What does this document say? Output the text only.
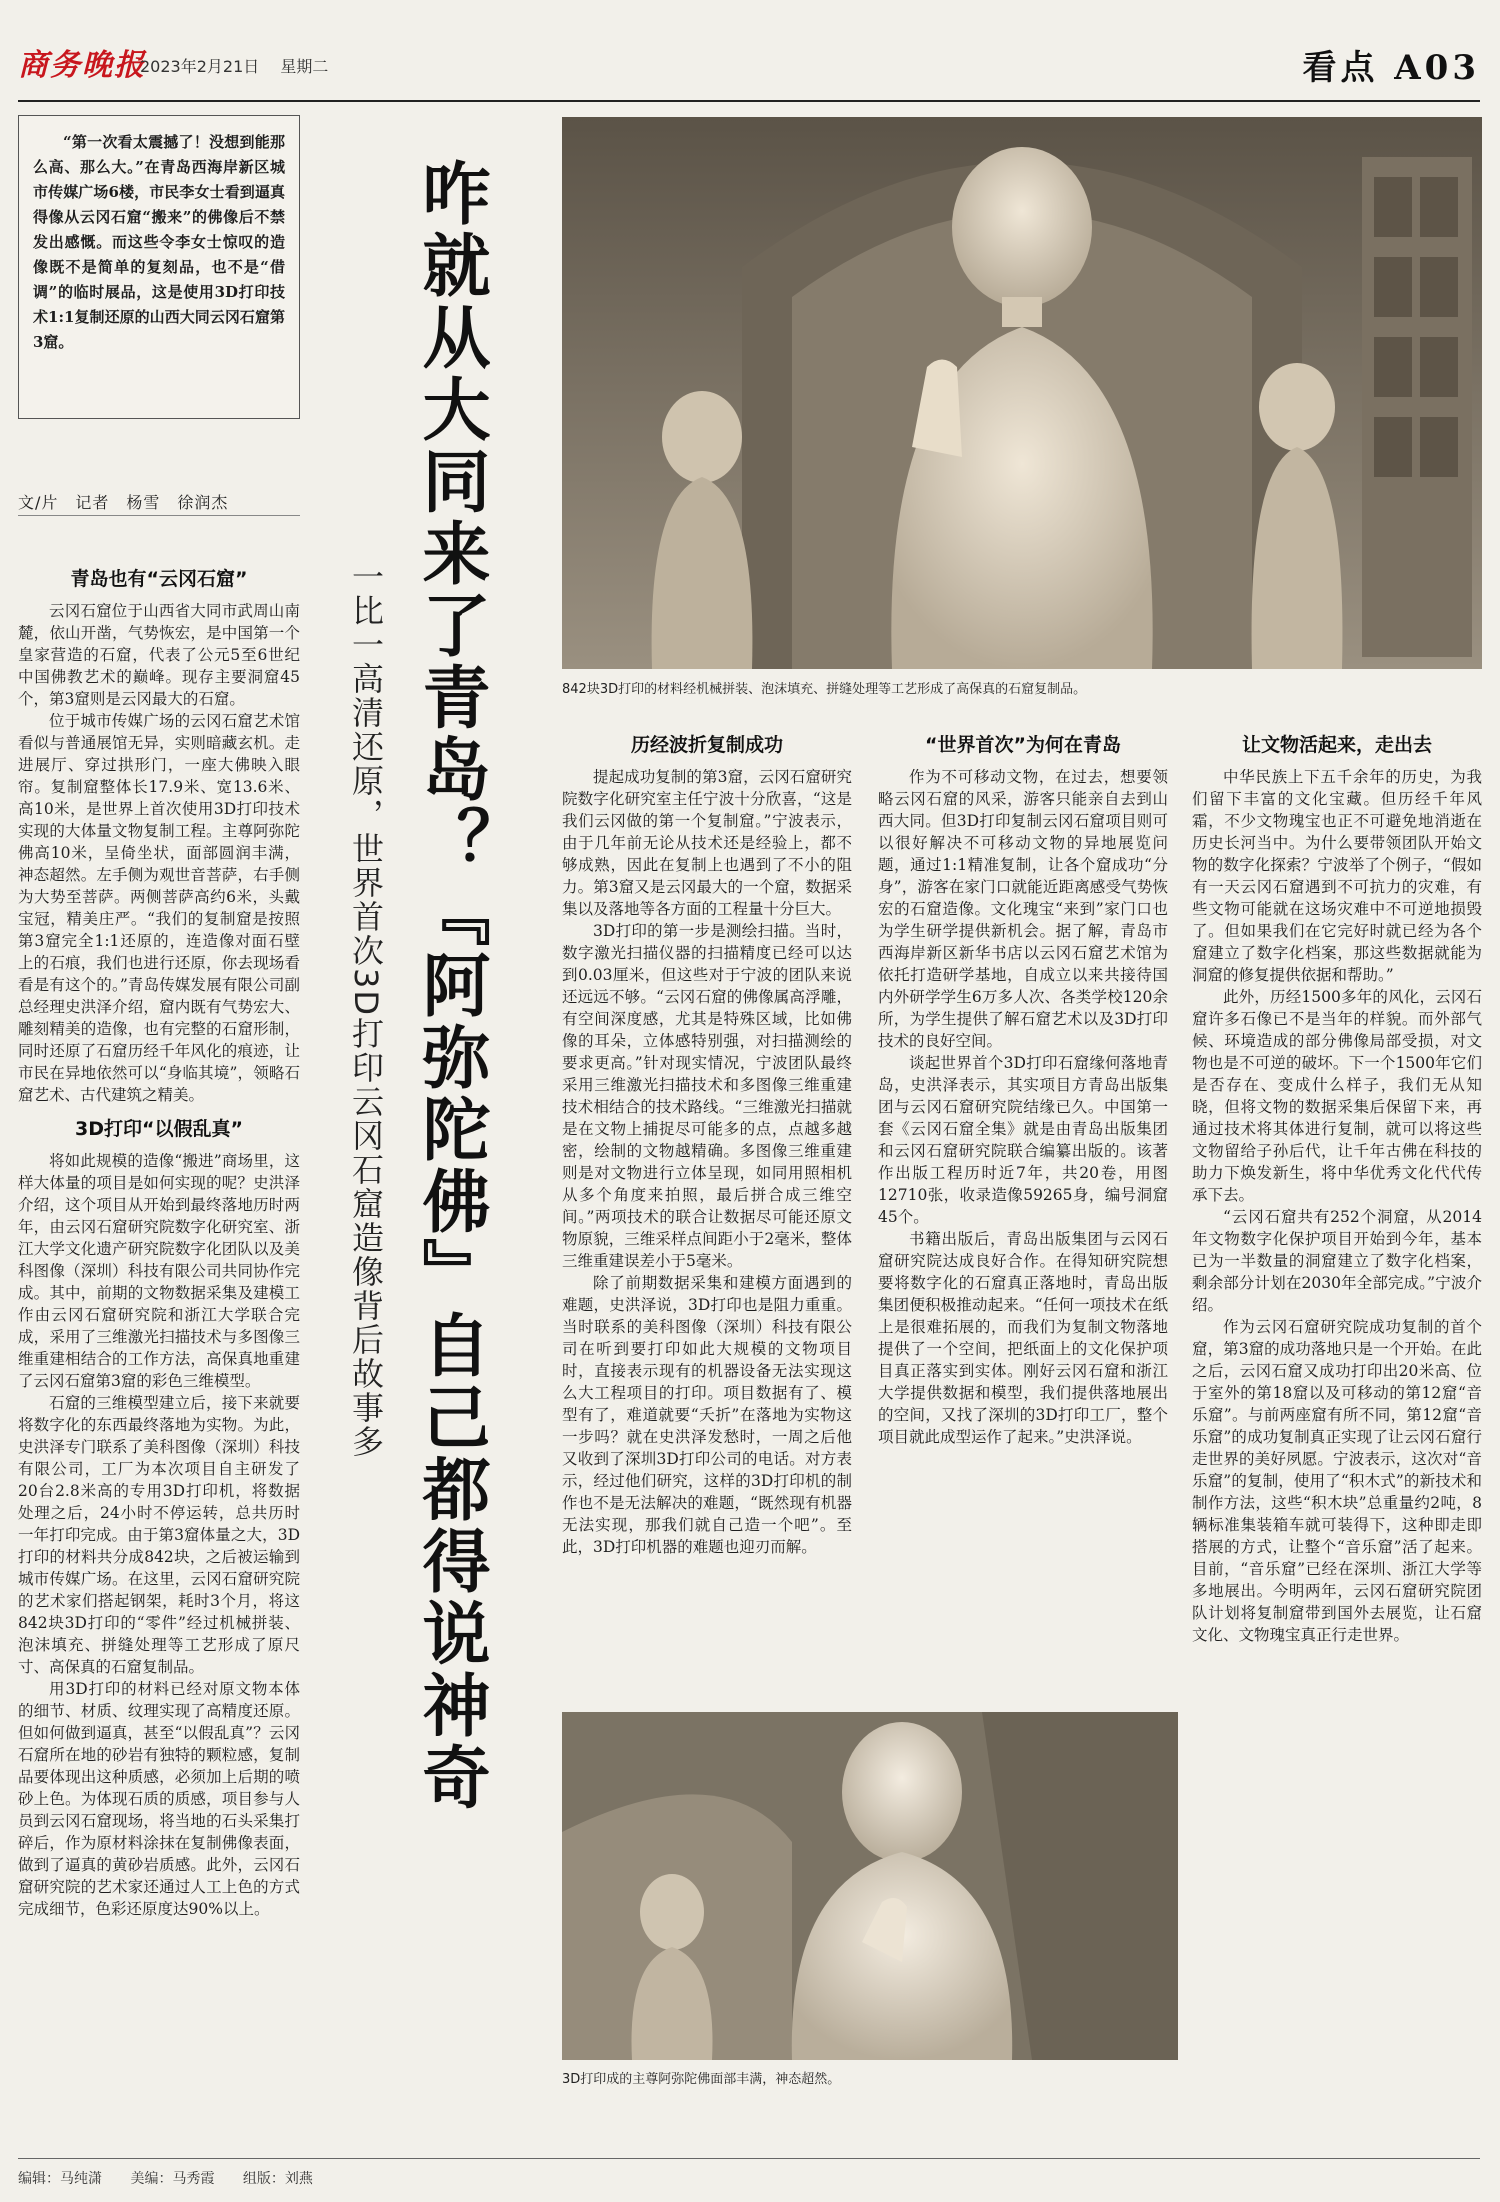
商务晚报
2023年2月21日　 星期二	看点 A03

“第一次看太震撼了！没想到能那么高、那么大。”在青岛西海岸新区城市传媒广场6楼，市民李女士看到逼真得像从云冈石窟“搬来”的佛像后不禁发出感慨。而这些令李女士惊叹的造像既不是简单的复刻品，也不是“借调”的临时展品，这是使用3D打印技术1:1复制还原的山西大同云冈石窟第3窟。

文/片　记者　杨雪　徐润杰	咋就从大同来了青岛？『阿弥陀佛』自己都得说神奇
一比一高清还原，世界首次3D打印云冈石窟造像背后故事多	842块3D打印的材料经机械拼装、泡沫填充、拼缝处理等工艺形成了高保真的石窟复制品。
青岛也有“云冈石窟”

云冈石窟位于山西省大同市武周山南麓，依山开凿，气势恢宏，是中国第一个皇家营造的石窟，代表了公元5至6世纪中国佛教艺术的巅峰。现存主要洞窟45个，第3窟则是云冈最大的石窟。

位于城市传媒广场的云冈石窟艺术馆看似与普通展馆无异，实则暗藏玄机。走进展厅、穿过拱形门，一座大佛映入眼帘。复制窟整体长17.9米、宽13.6米、高10米，是世界上首次使用3D打印技术实现的大体量文物复制工程。主尊阿弥陀佛高10米，呈倚坐状，面部圆润丰满，神态超然。左手侧为观世音菩萨，右手侧为大势至菩萨。两侧菩萨高约6米，头戴宝冠，精美庄严。“我们的复制窟是按照第3窟完全1:1还原的，连造像对面石壁上的石痕，我们也进行还原，你去现场看看是有这个的。”青岛传媒发展有限公司副总经理史洪泽介绍，窟内既有气势宏大、雕刻精美的造像，也有完整的石窟形制，同时还原了石窟历经千年风化的痕迹，让市民在异地依然可以“身临其境”，领略石窟艺术、古代建筑之精美。

3D打印“以假乱真”

将如此规模的造像“搬进”商场里，这样大体量的项目是如何实现的呢？史洪泽介绍，这个项目从开始到最终落地历时两年，由云冈石窟研究院数字化研究室、浙江大学文化遗产研究院数字化团队以及美科图像（深圳）科技有限公司共同协作完成。其中，前期的文物数据采集及建模工作由云冈石窟研究院和浙江大学联合完成，采用了三维激光扫描技术与多图像三维重建相结合的工作方法，高保真地重建了云冈石窟第3窟的彩色三维模型。

石窟的三维模型建立后，接下来就要将数字化的东西最终落地为实物。为此，史洪泽专门联系了美科图像（深圳）科技有限公司，工厂为本次项目自主研发了20台2.8米高的专用3D打印机，将数据处理之后，24小时不停运转，总共历时一年打印完成。由于第3窟体量之大，3D打印的材料共分成842块，之后被运输到城市传媒广场。在这里，云冈石窟研究院的艺术家们搭起钢架，耗时3个月，将这842块3D打印的“零件”经过机械拼装、泡沫填充、拼缝处理等工艺形成了原尺寸、高保真的石窟复制品。

用3D打印的材料已经对原文物本体的细节、材质、纹理实现了高精度还原。但如何做到逼真，甚至“以假乱真”？云冈石窟所在地的砂岩有独特的颗粒感，复制品要体现出这种质感，必须加上后期的喷砂上色。为体现石质的质感，项目参与人员到云冈石窟现场，将当地的石头采集打碎后，作为原材料涂抹在复制佛像表面，做到了逼真的黄砂岩质感。此外，云冈石窟研究院的艺术家还通过人工上色的方式完成细节，色彩还原度达90%以上。

历经波折复制成功

提起成功复制的第3窟，云冈石窟研究院数字化研究室主任宁波十分欣喜，“这是我们云冈做的第一个复制窟。”宁波表示，由于几年前无论从技术还是经验上，都不够成熟，因此在复制上也遇到了不小的阻力。第3窟又是云冈最大的一个窟，数据采集以及落地等各方面的工程量十分巨大。

3D打印的第一步是测绘扫描。当时，数字激光扫描仪器的扫描精度已经可以达到0.03厘米，但这些对于宁波的团队来说还远远不够。“云冈石窟的佛像属高浮雕，有空间深度感，尤其是特殊区域，比如佛像的耳朵，立体感特别强，对扫描测绘的要求更高。”针对现实情况，宁波团队最终采用三维激光扫描技术和多图像三维重建技术相结合的技术路线。“三维激光扫描就是在文物上捕捉尽可能多的点，点越多越密，绘制的文物越精确。多图像三维重建则是对文物进行立体呈现，如同用照相机从多个角度来拍照，最后拼合成三维空间。”两项技术的联合让数据尽可能还原文物原貌，三维采样点间距小于2毫米，整体三维重建误差小于5毫米。

除了前期数据采集和建模方面遇到的难题，史洪泽说，3D打印也是阻力重重。当时联系的美科图像（深圳）科技有限公司在听到要打印如此大规模的文物项目时，直接表示现有的机器设备无法实现这么大工程项目的打印。项目数据有了、模型有了，难道就要“夭折”在落地为实物这一步吗？就在史洪泽发愁时，一周之后他又收到了深圳3D打印公司的电话。对方表示，经过他们研究，这样的3D打印机的制作也不是无法解决的难题，“既然现有机器无法实现，那我们就自己造一个吧”。至此，3D打印机器的难题也迎刃而解。

“世界首次”为何在青岛

作为不可移动文物，在过去，想要领略云冈石窟的风采，游客只能亲自去到山西大同。但3D打印复制云冈石窟项目则可以很好解决不可移动文物的异地展览问题，通过1:1精准复制，让各个窟成功“分身”，游客在家门口就能近距离感受气势恢宏的石窟造像。文化瑰宝“来到”家门口也为学生研学提供新机会。据了解，青岛市西海岸新区新华书店以云冈石窟艺术馆为依托打造研学基地，自成立以来共接待国内外研学学生6万多人次、各类学校120余所，为学生提供了解石窟艺术以及3D打印技术的良好空间。

谈起世界首个3D打印石窟缘何落地青岛，史洪泽表示，其实项目方青岛出版集团与云冈石窟研究院结缘已久。中国第一套《云冈石窟全集》就是由青岛出版集团和云冈石窟研究院联合编纂出版的。该著作出版工程历时近7年，共20卷，用图12710张，收录造像59265身，编号洞窟45个。

书籍出版后，青岛出版集团与云冈石窟研究院达成良好合作。在得知研究院想要将数字化的石窟真正落地时，青岛出版集团便积极推动起来。“任何一项技术在纸上是很难拓展的，而我们为复制文物落地提供了一个空间，把纸面上的文化保护项目真正落实到实体。刚好云冈石窟和浙江大学提供数据和模型，我们提供落地展出的空间，又找了深圳的3D打印工厂，整个项目就此成型运作了起来。”史洪泽说。

让文物活起来，走出去

中华民族上下五千余年的历史，为我们留下丰富的文化宝藏。但历经千年风霜，不少文物瑰宝也正不可避免地消逝在历史长河当中。为什么要带领团队开始文物的数字化探索？宁波举了个例子，“假如有一天云冈石窟遇到不可抗力的灾难，有些文物可能就在这场灾难中不可逆地损毁了。但如果我们在它完好时就已经为各个窟建立了数字化档案，那这些数据就能为洞窟的修复提供依据和帮助。”

此外，历经1500多年的风化，云冈石窟许多石像已不是当年的样貌。而外部气候、环境造成的部分佛像局部受损，对文物也是不可逆的破坏。下一个1500年它们是否存在、变成什么样子，我们无从知晓，但将文物的数据采集后保留下来，再通过技术将其体进行复制，就可以将这些文物留给子孙后代，让千年古佛在科技的助力下焕发新生，将中华优秀文化代代传承下去。

“云冈石窟共有252个洞窟，从2014年文物数字化保护项目开始到今年，基本已为一半数量的洞窟建立了数字化档案，剩余部分计划在2030年全部完成。”宁波介绍。

作为云冈石窟研究院成功复制的首个窟，第3窟的成功落地只是一个开始。在此之后，云冈石窟又成功打印出20米高、位于室外的第18窟以及可移动的第12窟“音乐窟”。与前两座窟有所不同，第12窟“音乐窟”的成功复制真正实现了让云冈石窟行走世界的美好夙愿。宁波表示，这次对“音乐窟”的复制，使用了“积木式”的新技术和制作方法，这些“积木块”总重量约2吨，8辆标准集装箱车就可装得下，这种即走即搭展的方式，让整个“音乐窟”活了起来。目前，“音乐窟”已经在深圳、浙江大学等多地展出。今明两年，云冈石窟研究院团队计划将复制窟带到国外去展览，让石窟文化、文物瑰宝真正行走世界。

3D打印成的主尊阿弥陀佛面部丰满，神态超然。
编辑：马纯潇 美编：马秀霞 组版：刘燕
